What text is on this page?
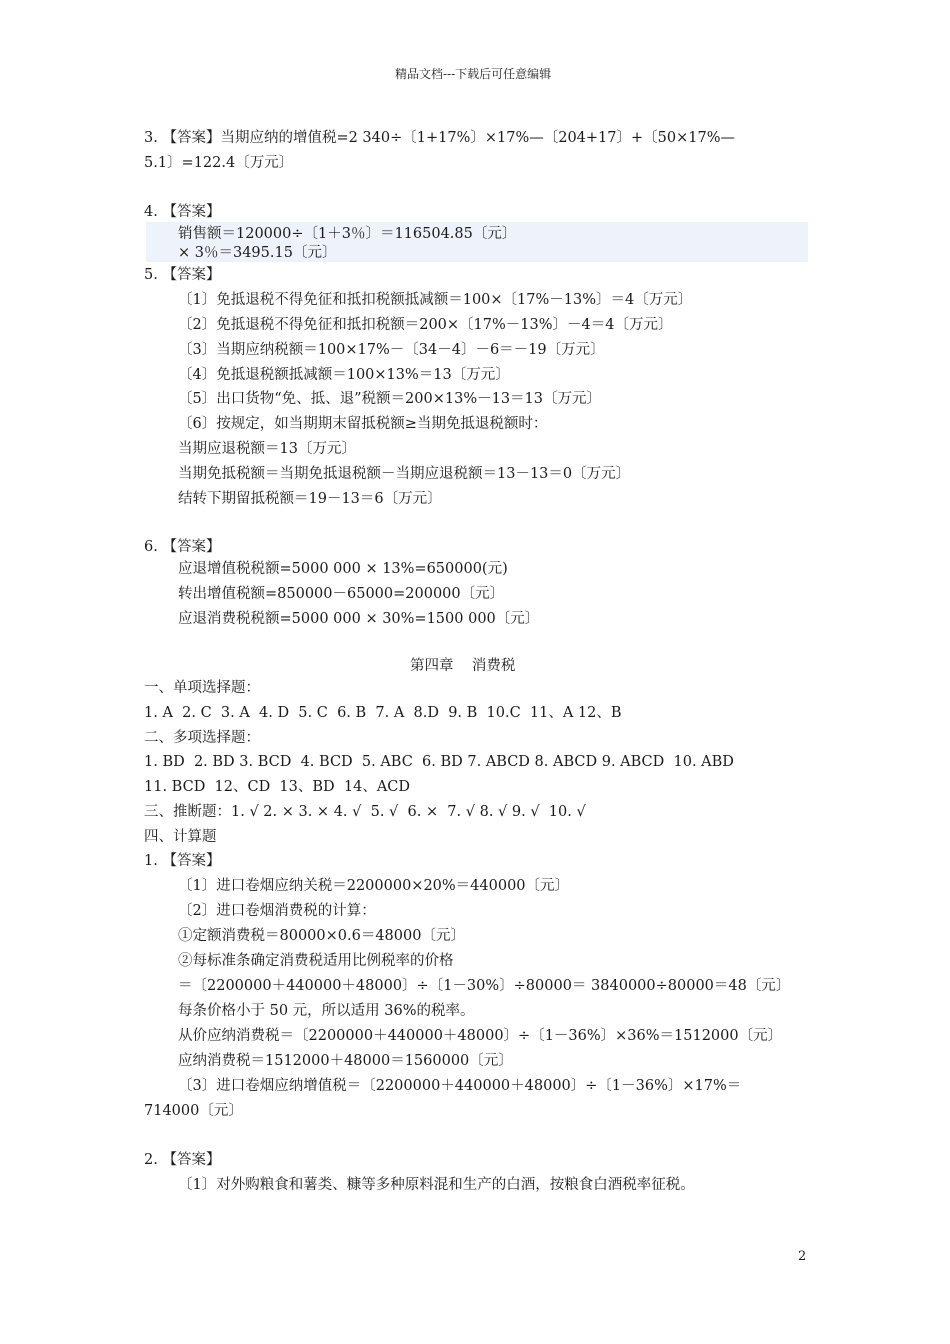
精品文档---下载后可任意编辑
3. 【答案】当期应纳的增值税=2 340÷〔1+17%〕×17%—〔204+17〕+〔50×17%—
5.1〕=122.4〔万元〕
4. 【答案】
销售额＝120000÷〔1＋3％〕＝116504.85〔元〕
× 3％＝3495.15〔元〕
5. 【答案】
〔1〕免抵退税不得免征和抵扣税额抵减额＝100×〔17%－13%〕＝4〔万元〕
〔2〕免抵退税不得免征和抵扣税额＝200×〔17%－13%〕－4＝4〔万元〕
〔3〕当期应纳税额＝100×17%－〔34－4〕－6＝－19〔万元〕
〔4〕免抵退税额抵减额＝100×13%＝13〔万元〕
〔5〕出口货物“免、抵、退”税额＝200×13%－13＝13〔万元〕
〔6〕按规定，如当期期末留抵税额≥当期免抵退税额时：
当期应退税额＝13〔万元〕
当期免抵税额＝当期免抵退税额－当期应退税额＝13－13＝0〔万元〕
结转下期留抵税额＝19－13＝6〔万元〕
6. 【答案】
应退增值税税额=5000 000 × 13%=650000(元)
转出增值税额=850000－65000=200000〔元〕
应退消费税税额=5000 000 × 30%=1500 000〔元〕
第四章    消费税
一、单项选择题：
1. A  2. C  3. A  4. D  5. C  6. B  7. A  8.D  9. B  10.C  11、A 12、B
二、多项选择题：
1. BD  2. BD 3. BCD  4. BCD  5. ABC  6. BD 7. ABCD 8. ABCD 9. ABCD  10. ABD
11. BCD  12、CD  13、BD  14、ACD
三、推断题：1. √ 2. × 3. × 4. √  5. √  6. ×  7. √ 8. √ 9. √  10. √
四、计算题
1. 【答案】
〔1〕进口卷烟应纳关税＝2200000×20%＝440000〔元〕
〔2〕进口卷烟消费税的计算：
①定额消费税＝80000×0.6＝48000〔元〕
②每标准条确定消费税适用比例税率的价格
＝〔2200000＋440000＋48000〕÷〔1－30%〕÷80000＝ 3840000÷80000＝48〔元〕
每条价格小于 50 元，所以适用 36%的税率。
从价应纳消费税＝〔2200000＋440000＋48000〕÷〔1－36%〕×36%＝1512000〔元〕
应纳消费税＝1512000＋48000＝1560000〔元〕
〔3〕进口卷烟应纳增值税＝〔2200000＋440000＋48000〕÷〔1－36%〕×17%＝
714000〔元〕
2. 【答案】
〔1〕对外购粮食和薯类、糠等多种原料混和生产的白酒，按粮食白酒税率征税。
2
